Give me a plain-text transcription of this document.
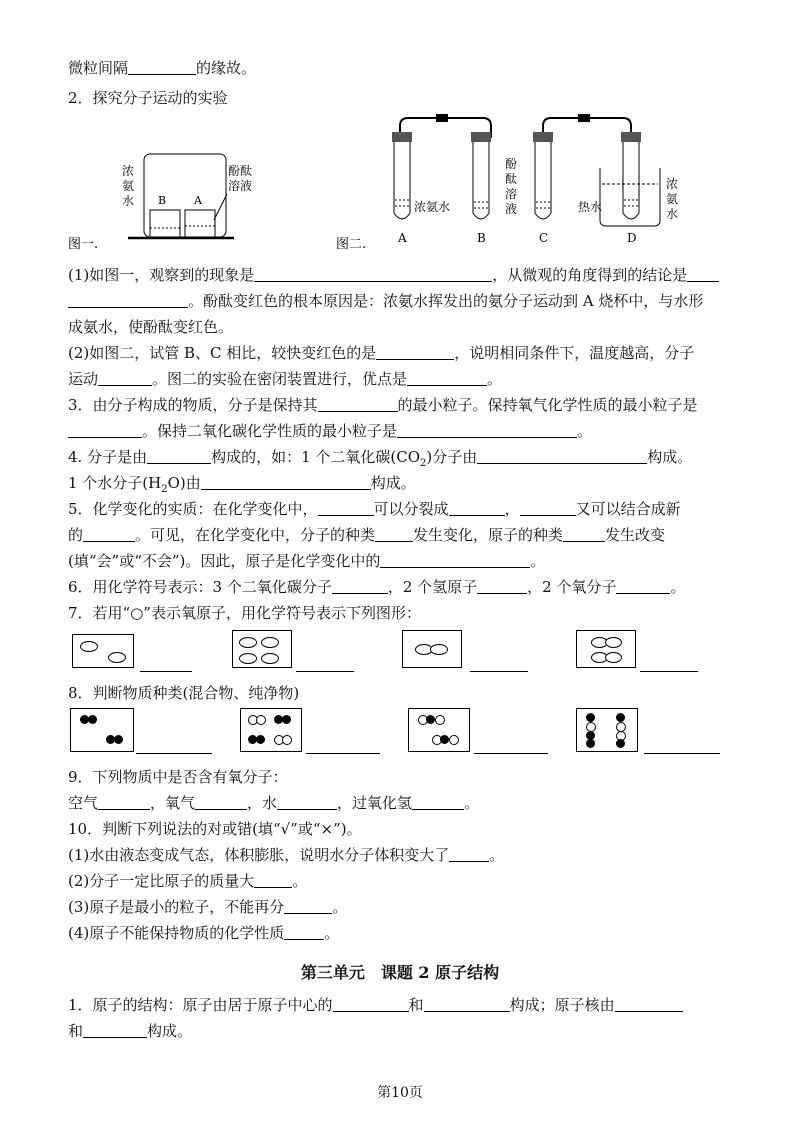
微粒间隔	的缘故。
2．探究分子运动的实验
浓
氨
水 B	A
酚酞
溶液
图一.	图二.
浓氨水
酚
酞
溶
液	热水
浓
氨
水
A	B	C	D
(1)如图一，观察到的现象是	，从微观的角度得到的结论是
。酚酞变红色的根本原因是：浓氨水挥发出的氨分子运动到 A 烧杯中，与水形
成氨水，使酚酞变红色。
(2)如图二，试管 B、C 相比，较快变红色的是	，说明相同条件下，温度越高，分子
运动	。图二的实验在密闭装置进行，优点是	。
3．由分子构成的物质，分子是保持其	的最小粒子。保持氧气化学性质的最小粒子是
。保持二氧化碳化学性质的最小粒子是	。
4. 分子是由	构成的，如：1 个二氧化碳$(CO_2)$分子由	构成。
1 个水分子$(H_2O)$由	构成。
5．化学变化的实质：在化学变化中，	可以分裂成	，	又可以结合成新
的	。可见，在化学变化中，分子的种类	发生变化，原子的种类	发生改变
(填“会”或“不会”)。因此，原子是化学变化中的	。
6．用化学符号表示：3 个二氧化碳分子	，2 个氢原子	，2 个氧分子	。
7．若用“○”表示氧原子，用化学符号表示下列图形：
8．判断物质种类(混合物、纯净物)
9．下列物质中是否含有氧分子：
空气	，氧气	，水	，过氧化氢	。
10．判断下列说法的对或错(填“√”或“×”)。
(1)水由液态变成气态，体积膨胀，说明水分子体积变大了	。
(2)分子一定比原子的质量大	。
(3)原子是最小的粒子，不能再分	。
(4)原子不能保持物质的化学性质	。
第三单元　课题 2 原子结构
1．原子的结构：原子由居于原子中心的	和	构成；原子核由
和	构成。
第10页
